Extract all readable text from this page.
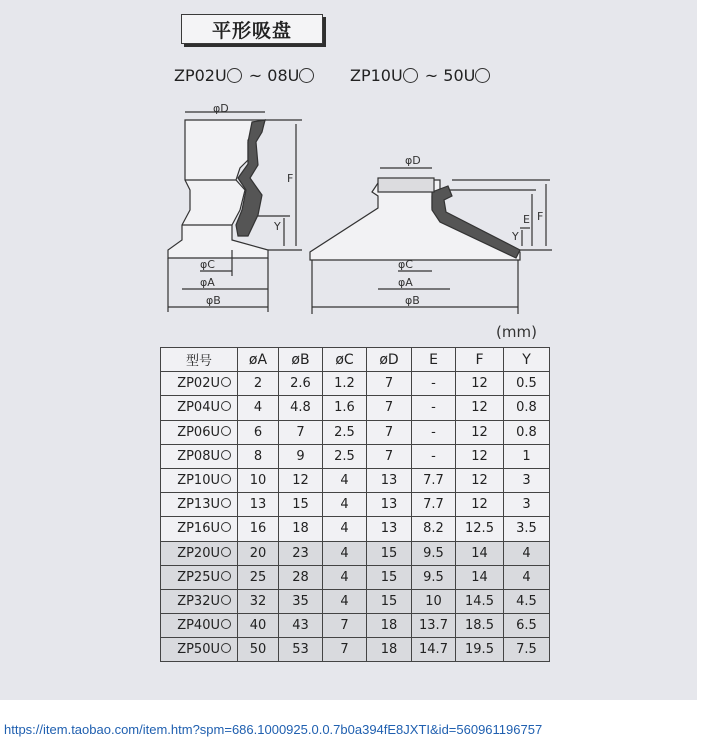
平形吸盘
ZP02U ~ 08U	ZP10U ~ 50U
φD
F
Y
φC
φA
φB
φD
F
E
Y
φC
φA
φB
(mm)
型号	øA	øB	øC	øD	E	F	Y
ZP02U	2	2.6	1.2	7	-	12	0.5
ZP04U	4	4.8	1.6	7	-	12	0.8
ZP06U	6	7	2.5	7	-	12	0.8
ZP08U	8	9	2.5	7	-	12	1
ZP10U	10	12	4	13	7.7	12	3
ZP13U	13	15	4	13	7.7	12	3
ZP16U	16	18	4	13	8.2	12.5	3.5
ZP20U	20	23	4	15	9.5	14	4
ZP25U	25	28	4	15	9.5	14	4
ZP32U	32	35	4	15	10	14.5	4.5
ZP40U	40	43	7	18	13.7	18.5	6.5
ZP50U	50	53	7	18	14.7	19.5	7.5
https://item.taobao.com/item.htm?spm=686.1000925.0.0.7b0a394fE8JXTI&id=560961196757
